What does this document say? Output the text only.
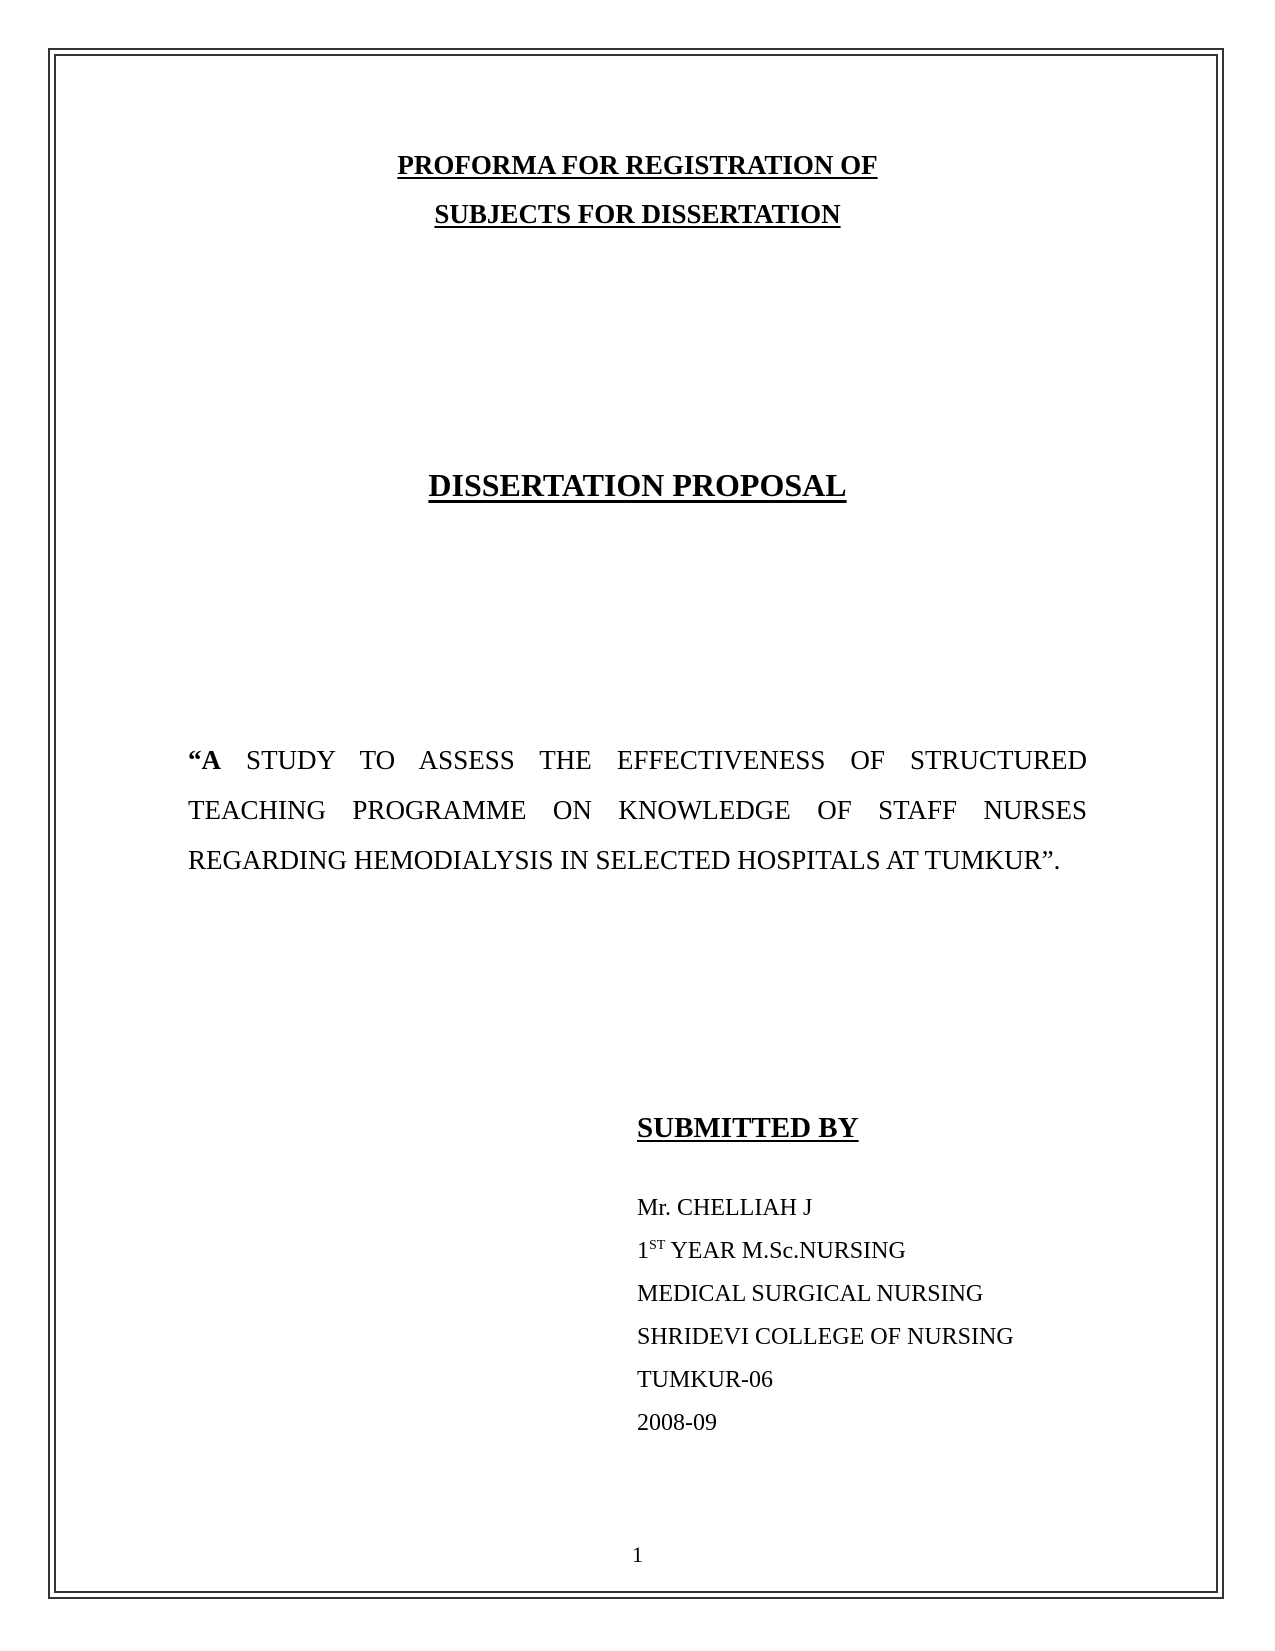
PROFORMA FOR REGISTRATION OF
SUBJECTS FOR DISSERTATION
DISSERTATION PROPOSAL
“A STUDY TO ASSESS THE EFFECTIVENESS OF STRUCTURED TEACHING PROGRAMME ON KNOWLEDGE OF STAFF NURSES REGARDING HEMODIALYSIS IN SELECTED HOSPITALS AT TUMKUR”.
SUBMITTED BY
Mr. CHELLIAH J
1ST YEAR M.Sc.NURSING
MEDICAL SURGICAL NURSING
SHRIDEVI COLLEGE OF NURSING
TUMKUR-06
2008-09
1
